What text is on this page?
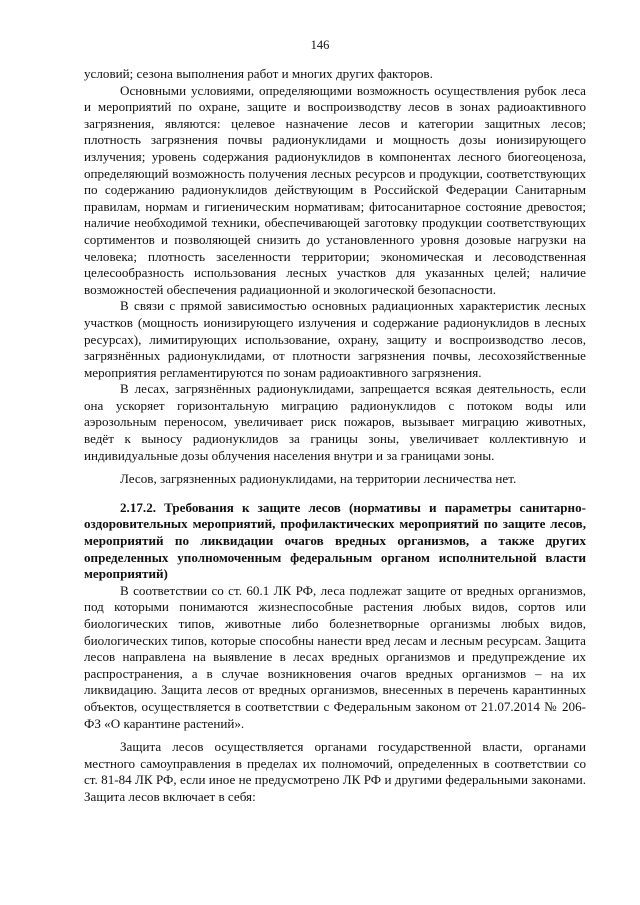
146

условий; сезона выполнения работ и многих других факторов.

Основными условиями, определяющими возможность осуществления рубок леса и мероприятий по охране, защите и воспроизводству лесов в зонах радиоактивного загрязнения, являются: целевое назначение лесов и категории защитных лесов; плотность загрязнения почвы радионуклидами и мощность дозы ионизирующего излучения; уровень содержания радионуклидов в компонентах лесного биогеоценоза, определяющий возможность получения лесных ресурсов и продукции, соответствующих по содержанию радионуклидов действующим в Российской Федерации Санитарным правилам, нормам и гигиеническим нормативам; фитосанитарное состояние древостоя; наличие необходимой техники, обеспечивающей заготовку продукции соответствующих сортиментов и позволяющей снизить до установленного уровня дозовые нагрузки на человека; плотность заселенности территории; экономическая и лесоводственная целесообразность использования лесных участков для указанных целей; наличие возможностей обеспечения радиационной и экологической безопасности.

В связи с прямой зависимостью основных радиационных характеристик лесных участков (мощность ионизирующего излучения и содержание радионуклидов в лесных ресурсах), лимитирующих использование, охрану, защиту и воспроизводство лесов, загрязнённых радионуклидами, от плотности загрязнения почвы, лесохозяйственные мероприятия регламентируются по зонам радиоактивного загрязнения.

В лесах, загрязнённых радионуклидами, запрещается всякая деятельность, если она ускоряет горизонтальную миграцию радионуклидов с потоком воды или аэрозольным переносом, увеличивает риск пожаров, вызывает миграцию животных, ведёт к выносу радионуклидов за границы зоны, увеличивает коллективную и индивидуальные дозы облучения населения внутри и за границами зоны.

Лесов, загрязненных радионуклидами, на территории лесничества нет.

2.17.2. Требования к защите лесов (нормативы и параметры санитарно-оздоровительных мероприятий, профилактических мероприятий по защите лесов, мероприятий по ликвидации очагов вредных организмов, а также других определенных уполномоченным федеральным органом исполнительной власти мероприятий)

В соответствии со ст. 60.1 ЛК РФ, леса подлежат защите от вредных организмов, под которыми понимаются жизнеспособные растения любых видов, сортов или биологических типов, животные либо болезнетворные организмы любых видов, биологических типов, которые способны нанести вред лесам и лесным ресурсам. Защита лесов направлена на выявление в лесах вредных организмов и предупреждение их распространения, а в случае возникновения очагов вредных организмов – на их ликвидацию. Защита лесов от вредных организмов, внесенных в перечень карантинных объектов, осуществляется в соответствии с Федеральным законом от 21.07.2014 № 206-ФЗ «О карантине растений».

Защита лесов осуществляется органами государственной власти, органами местного самоуправления в пределах их полномочий, определенных в соответствии со ст. 81-84 ЛК РФ, если иное не предусмотрено ЛК РФ и другими федеральными законами. Защита лесов включает в себя:
